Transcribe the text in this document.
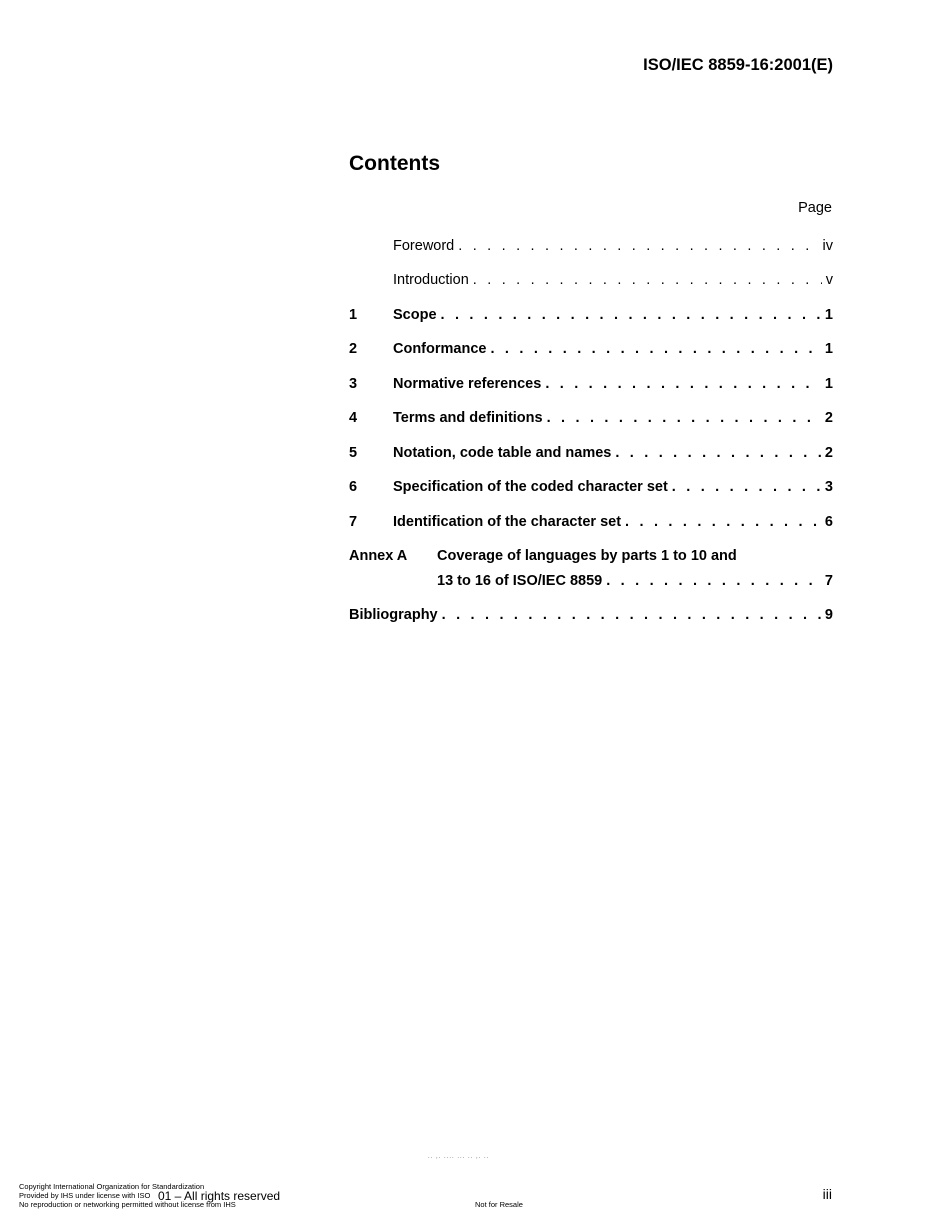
ISO/IEC 8859-16:2001(E)
Contents
Page
Foreword . . .	iv
Introduction . . .	v
1 Scope . . .	1
2 Conformance . . .	1
3 Normative references . . .	1
4 Terms and definitions . . .	2
5 Notation, code table and names . . .	2
6 Specification of the coded character set . . .	3
7 Identification of the character set . . .	6
Annex A Coverage of languages by parts 1 to 10 and
13 to 16 of ISO/IEC 8859 . . .	7
Bibliography . . .	9
.. ,. .... ... .. ,. ..
Copyright International Organization for Standardization
Provided by IHS under license with ISO
No reproduction or networking permitted without license from IHS
01 – All rights reserved
Not for Resale
iii
